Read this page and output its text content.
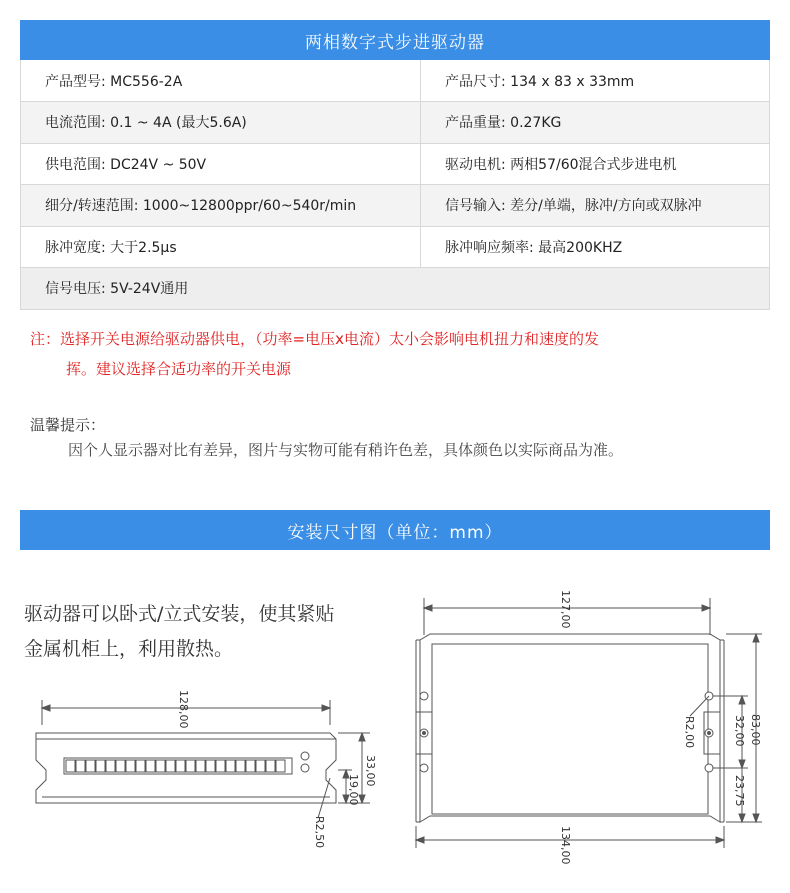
两相数字式步进驱动器
产品型号: MC556-2A	产品尺寸: 134 x 83 x 33mm
电流范围: 0.1 ~ 4A (最大5.6A)	产品重量: 0.27KG
供电范围: DC24V ~ 50V	驱动电机: 两相57/60混合式步进电机
细分/转速范围: 1000~12800ppr/60~540r/min	信号输入: 差分/单端，脉冲/方向或双脉冲
脉冲宽度: 大于2.5μs	脉冲响应频率: 最高200KHZ
信号电压: 5V-24V通用	
注：选择开关电源给驱动器供电，（功率=电压x电流）太小会影响电机扭力和速度的发
挥。建议选择合适功率的开关电源
温馨提示：
因个人显示器对比有差异，图片与实物可能有稍许色差，具体颜色以实际商品为准。
安装尺寸图（单位：mm）
驱动器可以卧式/立式安装，使其紧贴
金属机柜上，利用散热。
128,00
33,00
19,00
R2,50
127,00
83,00
32,00
23,75
R2,00
134,00
